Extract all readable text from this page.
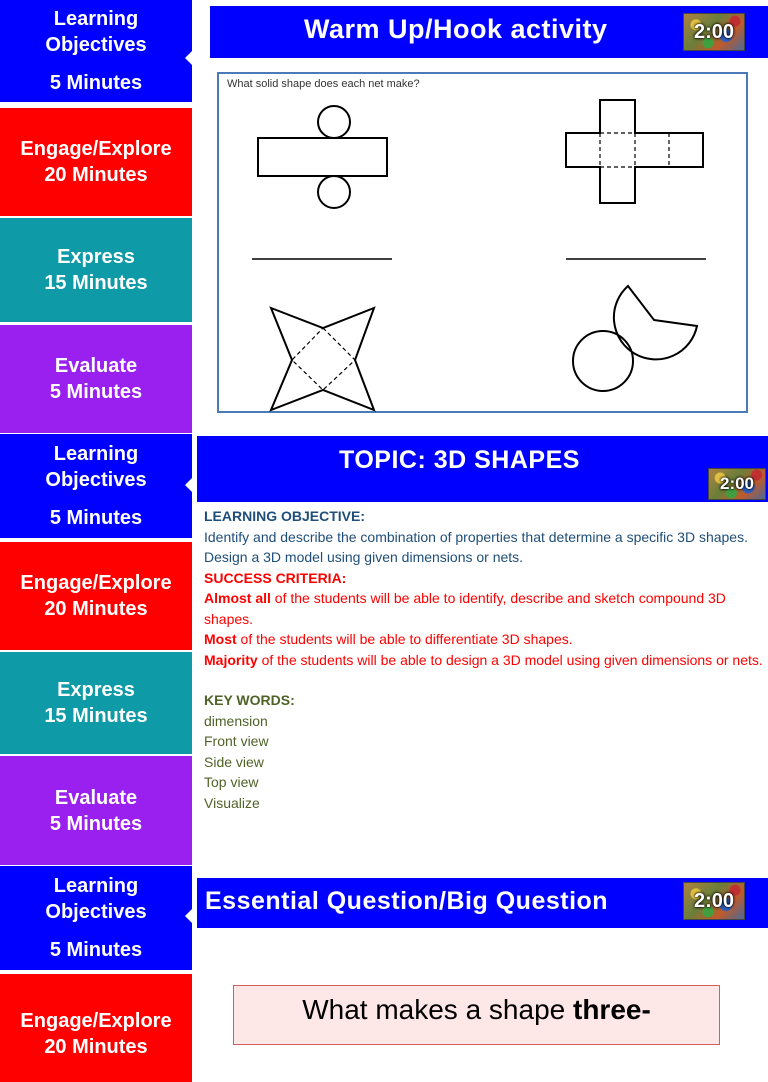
Learning
Objectives
5 Minutes
Engage/Explore
20 Minutes
Express
15 Minutes
Evaluate
5 Minutes
Warm Up/Hook activity	2:00
What solid shape does each net make?
Learning
Objectives
5 Minutes
Engage/Explore
20 Minutes
Express
15 Minutes
Evaluate
5 Minutes
TOPIC: 3D SHAPES
2:00
LEARNING OBJECTIVE:
Identify and describe the combination of properties that determine a specific 3D shapes.
Design a 3D model using given dimensions or nets.
SUCCESS CRITERIA:
Almost all of the students will be able to identify, describe and sketch compound 3D shapes.
Most of the students will be able to differentiate 3D shapes.
Majority of the students will be able to design a 3D model using given dimensions or nets.
KEY WORDS:
dimension
Front view
Side view
Top view
Visualize
Learning
Objectives
5 Minutes
Engage/Explore
20 Minutes
Essential Question/Big Question	2:00
What makes a shape three-
